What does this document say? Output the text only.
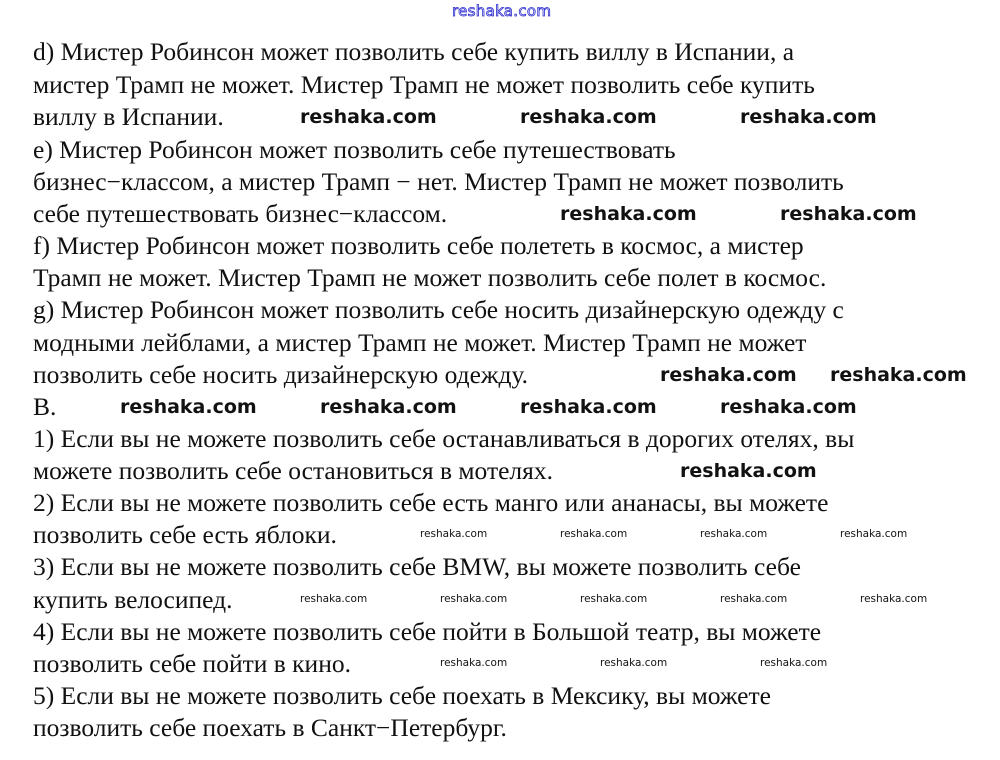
reshaka.com
d) Мистер Робинсон может позволить себе купить виллу в Испании, а
мистер Трамп не может. Мистер Трамп не может позволить себе купить
виллу в Испании.
e) Мистер Робинсон может позволить себе путешествовать
бизнес−классом, а мистер Трамп − нет. Мистер Трамп не может позволить
себе путешествовать бизнес−классом.
f) Мистер Робинсон может позволить себе полететь в космос, а мистер
Трамп не может. Мистер Трамп не может позволить себе полет в космос.
g) Мистер Робинсон может позволить себе носить дизайнерскую одежду с
модными лейблами, а мистер Трамп не может. Мистер Трамп не может
позволить себе носить дизайнерскую одежду.
B.
1) Если вы не можете позволить себе останавливаться в дорогих отелях, вы
можете позволить себе остановиться в мотелях.
2) Если вы не можете позволить себе есть манго или ананасы, вы можете
позволить себе есть яблоки.
3) Если вы не можете позволить себе BMW, вы можете позволить себе
купить велосипед.
4) Если вы не можете позволить себе пойти в Большой театр, вы можете
позволить себе пойти в кино.
5) Если вы не можете позволить себе поехать в Мексику, вы можете
позволить себе поехать в Санкт−Петербург.
reshaka.com	reshaka.com	reshaka.com
reshaka.com	reshaka.com
reshaka.com reshaka.com
reshaka.com	reshaka.com	reshaka.com	reshaka.com
reshaka.com
reshaka.com	reshaka.com	reshaka.com	reshaka.com
reshaka.com	reshaka.com	reshaka.com	reshaka.com	reshaka.com
reshaka.com	reshaka.com	reshaka.com
